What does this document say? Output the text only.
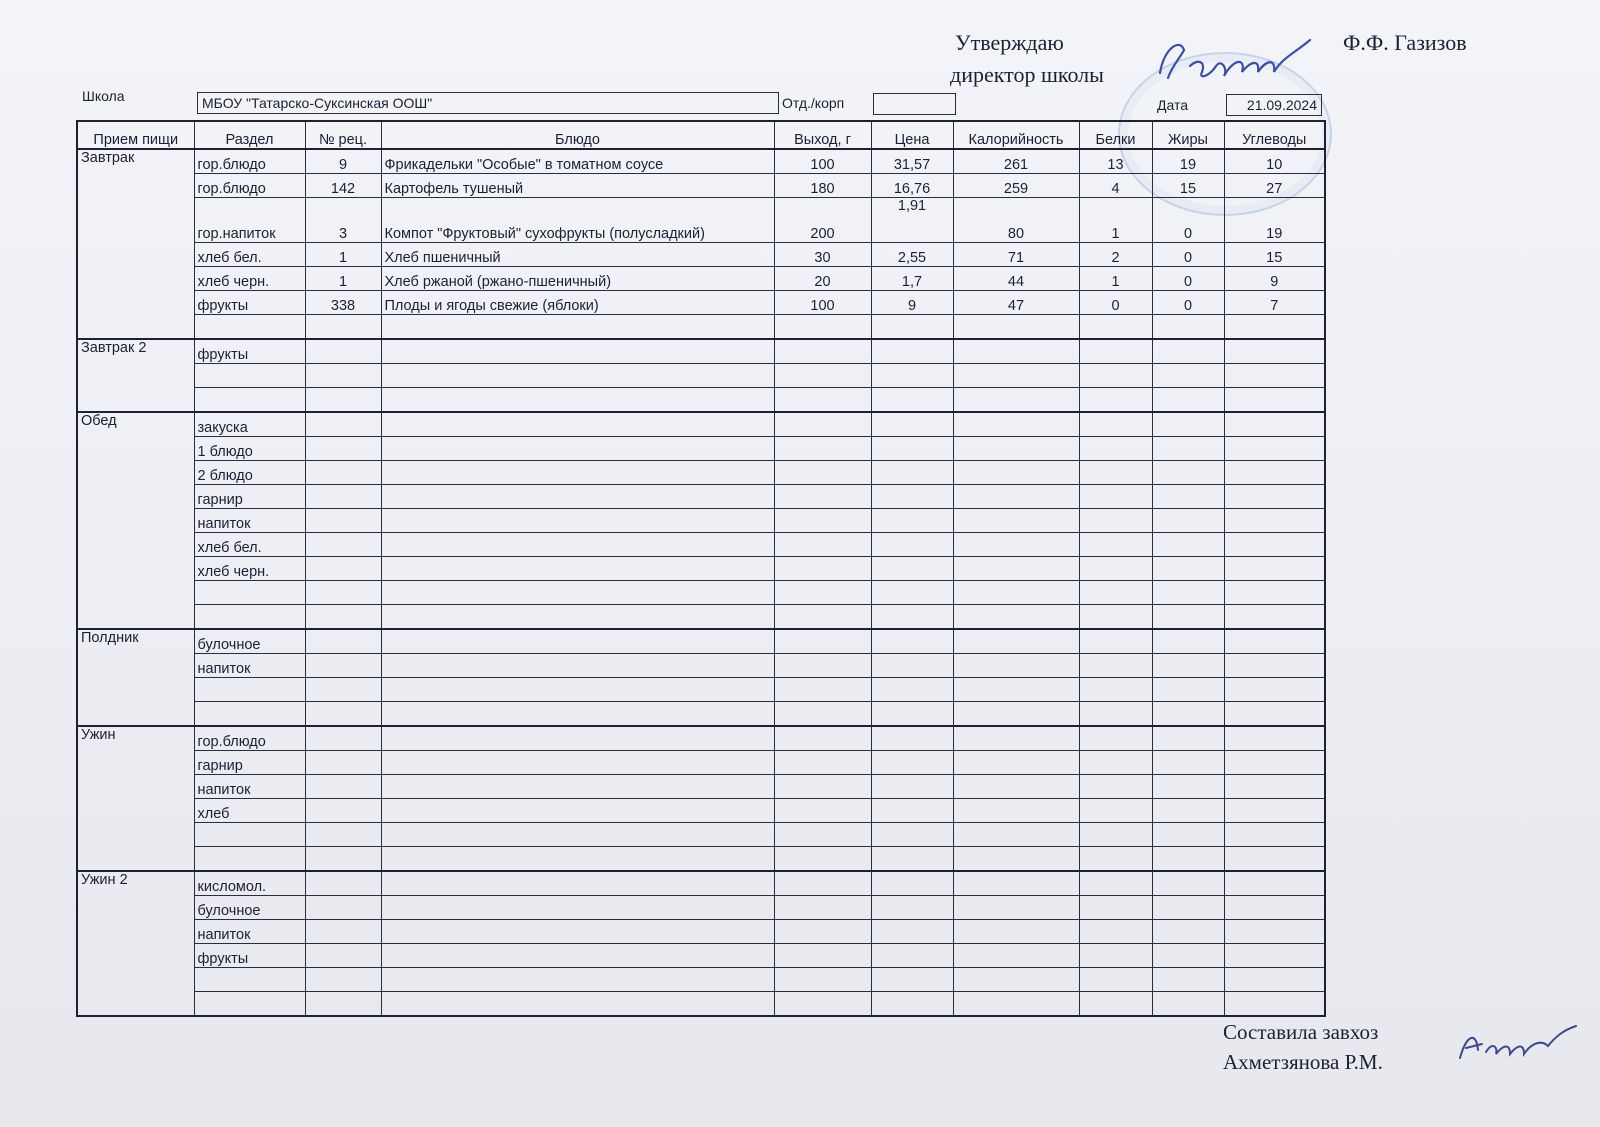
Утверждаю
директор школы
Ф.Ф. Газизов
Школа	МБОУ "Татарско-Суксинская ООШ"	Отд./корп	Дата	21.09.2024
Прием пищи	Раздел	№ рец.	Блюдо	Выход, г	Цена	Калорийность	Белки	Жиры	Углеводы
Завтрак	гор.блюдо	9	Фрикадельки "Особые" в томатном соусе	100	31,57	261	13	19	10
	гор.блюдо	142	Картофель тушеный	180	16,76	259	4	15	27
	гор.напиток	3	Компот "Фруктовый" сухофрукты (полусладкий)	200	1,91	80	1	0	19
	хлеб бел.	1	Хлеб пшеничный	30	2,55	71	2	0	15
	хлеб черн.	1	Хлеб ржаной (ржано-пшеничный)	20	1,7	44	1	0	9
	фрукты	338	Плоды и ягоды свежие (яблоки)	100	9	47	0	0	7

Завтрак 2	фрукты								

Обед	закуска								
	1 блюдо								
	2 блюдо								
	гарнир								
	напиток								
	хлеб бел.								
	хлеб черн.								

Полдник	булочное								
	напиток								

Ужин	гор.блюдо								
	гарнир								
	напиток								
	хлеб								

Ужин 2	кисломол.								
	булочное								
	напиток								
	фрукты								

Составила завхоз
Ахметзянова Р.М.
